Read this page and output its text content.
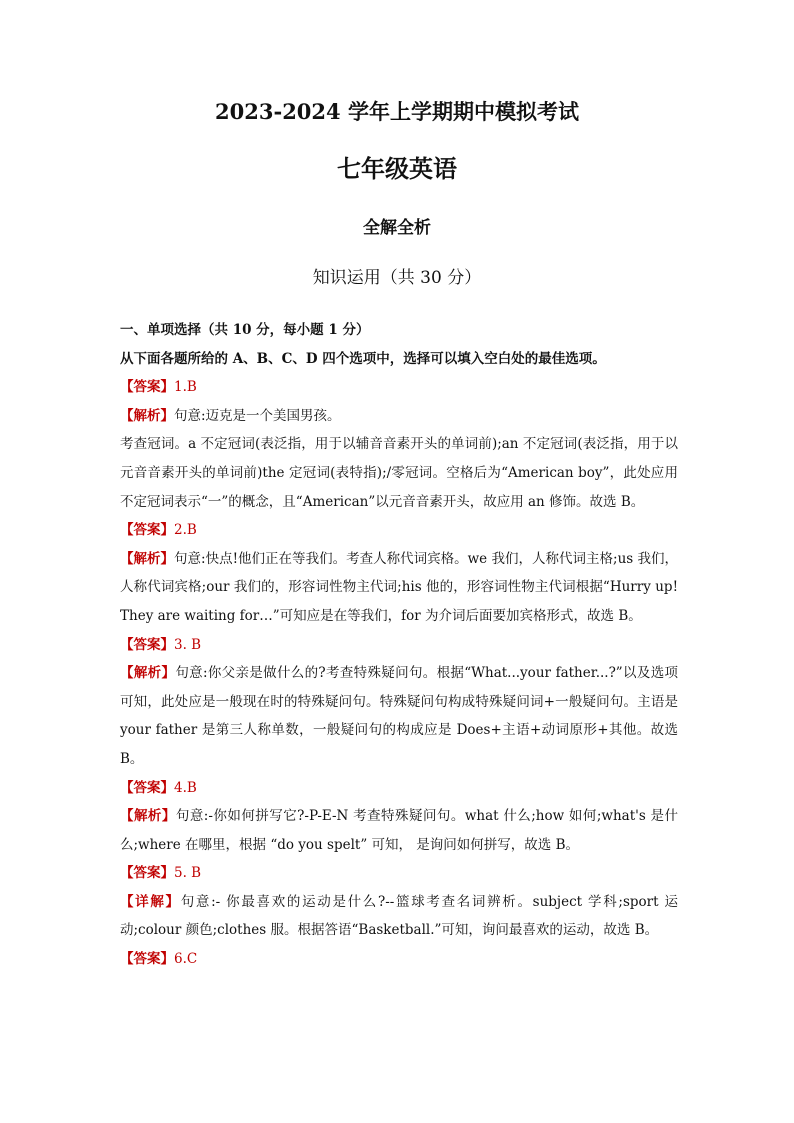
2023-2024 学年上学期期中模拟考试
七年级英语
全解全析
知识运用（共 30 分）

一、单项选择（共 10 分，每小题 1 分）

从下面各题所给的 A、B、C、D 四个选项中，选择可以填入空白处的最佳选项。

【答案】1.B

【解析】句意:迈克是一个美国男孩。

考查冠词。a 不定冠词(表泛指，用于以辅音音素开头的单词前);an 不定冠词(表泛指，用于以元音音素开头的单词前)the 定冠词(表特指);/零冠词。空格后为“American boy”，此处应用不定冠词表示“一”的概念，且“American”以元音音素开头，故应用 an 修饰。故选 B。

【答案】2.B

【解析】句意:快点!他们正在等我们。考查人称代词宾格。we 我们，人称代词主格;us 我们，人称代词宾格;our 我们的，形容词性物主代词;his 他的，形容词性物主代词根据“Hurry up! They are waiting for…”可知应是在等我们，for 为介词后面要加宾格形式，故选 B。

【答案】3. B

【解析】句意:你父亲是做什么的?考查特殊疑问句。根据“What...your father...?”以及选项可知，此处应是一般现在时的特殊疑问句。特殊疑问句构成特殊疑问词+一般疑问句。主语是 your father 是第三人称单数，一般疑问句的构成应是 Does+主语+动词原形+其他。故选 B。

【答案】4.B

【解析】句意:-你如何拼写它?-P-E-N 考查特殊疑问句。what 什么;how 如何;what's 是什么;where 在哪里，根据 “do you spelt” 可知， 是询问如何拼写，故选 B。

【答案】5. B

【详解】句意:- 你最喜欢的运动是什么?--篮球考查名词辨析。subject 学科;sport 运动;colour 颜色;clothes 服。根据答语“Basketball.”可知，询问最喜欢的运动，故选 B。

【答案】6.C
